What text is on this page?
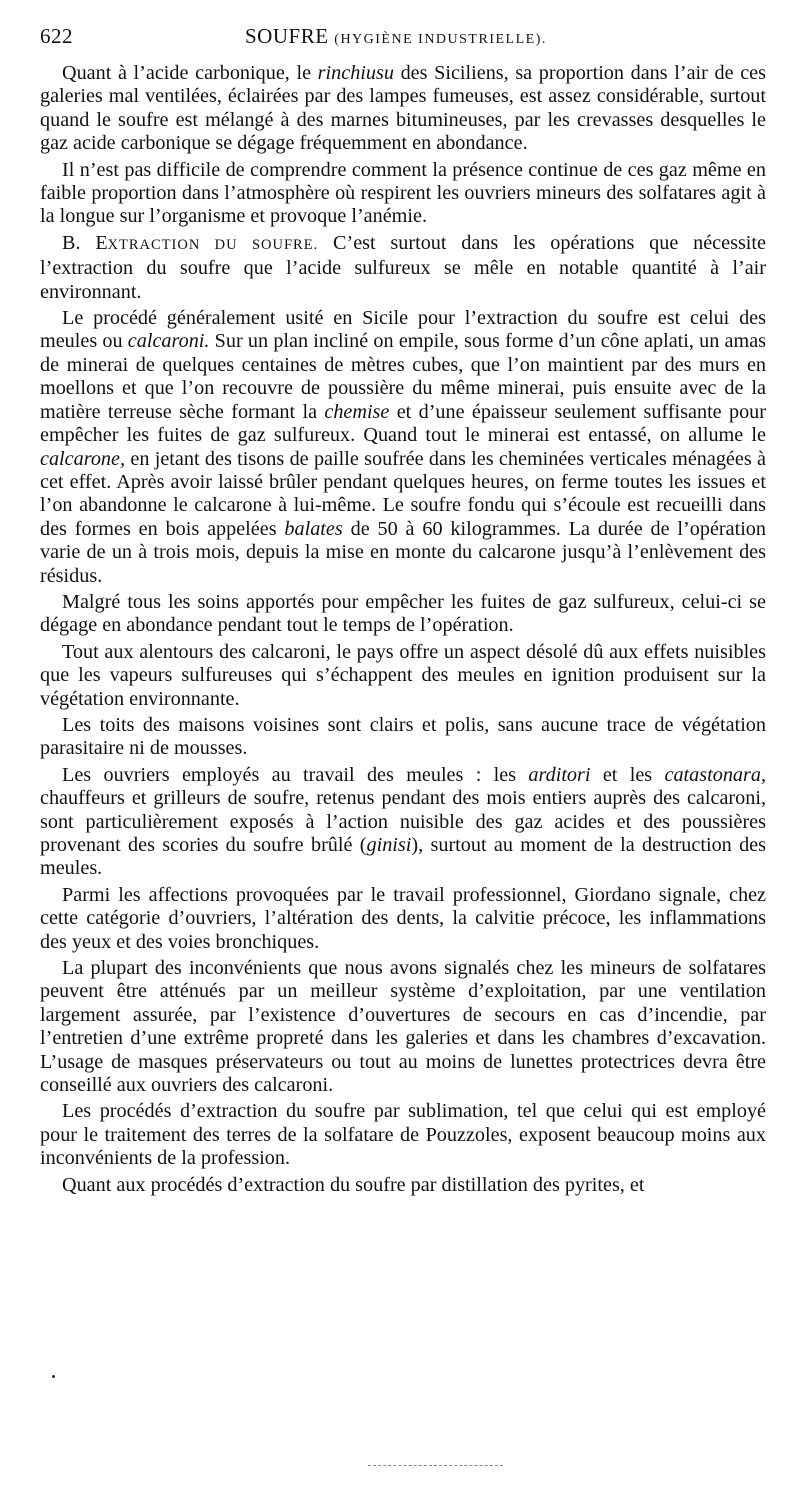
622	SOUFRE (HYGIÈNE INDUSTRIELLE).

Quant à l’acide carbonique, le rinchiusu des Siciliens, sa proportion dans l’air de ces galeries mal ventilées, éclairées par des lampes fumeuses, est assez considérable, surtout quand le soufre est mélangé à des marnes bitumineuses, par les crevasses desquelles le gaz acide carbonique se dégage fréquemment en abondance.

Il n’est pas difficile de comprendre comment la présence continue de ces gaz même en faible proportion dans l’atmosphère où respirent les ouvriers mineurs des solfatares agit à la longue sur l’organisme et provoque l’anémie.

B. EXTRACTION DU SOUFRE. C’est surtout dans les opérations que nécessite l’extraction du soufre que l’acide sulfureux se mêle en notable quantité à l’air environnant.

Le procédé généralement usité en Sicile pour l’extraction du soufre est celui des meules ou calcaroni. Sur un plan incliné on empile, sous forme d’un cône aplati, un amas de minerai de quelques centaines de mètres cubes, que l’on maintient par des murs en moellons et que l’on recouvre de poussière du même minerai, puis ensuite avec de la matière terreuse sèche formant la chemise et d’une épaisseur seulement suffisante pour empêcher les fuites de gaz sulfureux. Quand tout le minerai est entassé, on allume le calcarone, en jetant des tisons de paille soufrée dans les cheminées verticales ménagées à cet effet. Après avoir laissé brûler pendant quelques heures, on ferme toutes les issues et l’on abandonne le calcarone à lui-même. Le soufre fondu qui s’écoule est recueilli dans des formes en bois appelées balates de 50 à 60 kilogrammes. La durée de l’opération varie de un à trois mois, depuis la mise en monte du calcarone jusqu’à l’enlèvement des résidus.

Malgré tous les soins apportés pour empêcher les fuites de gaz sulfureux, celui-ci se dégage en abondance pendant tout le temps de l’opération.

Tout aux alentours des calcaroni, le pays offre un aspect désolé dû aux effets nuisibles que les vapeurs sulfureuses qui s’échappent des meules en ignition produisent sur la végétation environnante.

Les toits des maisons voisines sont clairs et polis, sans aucune trace de végétation parasitaire ni de mousses.

Les ouvriers employés au travail des meules : les arditori et les catastonara, chauffeurs et grilleurs de soufre, retenus pendant des mois entiers auprès des calcaroni, sont particulièrement exposés à l’action nuisible des gaz acides et des poussières provenant des scories du soufre brûlé (ginisi), surtout au moment de la destruction des meules.

Parmi les affections provoquées par le travail professionnel, Giordano signale, chez cette catégorie d’ouvriers, l’altération des dents, la calvitie précoce, les inflammations des yeux et des voies bronchiques.

La plupart des inconvénients que nous avons signalés chez les mineurs de solfatares peuvent être atténués par un meilleur système d’exploitation, par une ventilation largement assurée, par l’existence d’ouvertures de secours en cas d’incendie, par l’entretien d’une extrême propreté dans les galeries et dans les chambres d’excavation. L’usage de masques préservateurs ou tout au moins de lunettes protectrices devra être conseillé aux ouvriers des calcaroni.

Les procédés d’extraction du soufre par sublimation, tel que celui qui est employé pour le traitement des terres de la solfatare de Pouzzoles, exposent beaucoup moins aux inconvénients de la profession.

Quant aux procédés d’extraction du soufre par distillation des pyrites, et
